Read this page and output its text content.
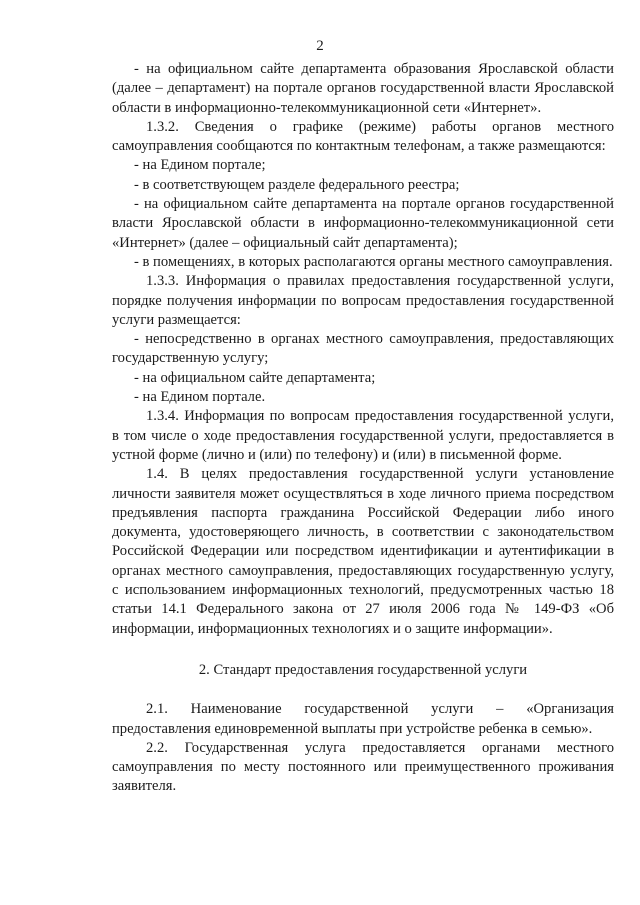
2

- на официальном сайте департамента образования Ярославской области (далее – департамент) на портале органов государственной власти Ярославской области в информационно-телекоммуникационной сети «Интернет».

1.3.2. Сведения о графике (режиме) работы органов местного самоуправления сообщаются по контактным телефонам, а также размещаются:

- на Едином портале;

- в соответствующем разделе федерального реестра;

- на официальном сайте департамента на портале органов государственной власти Ярославской области в информационно-телекоммуникационной сети «Интернет» (далее – официальный сайт департамента);

- в помещениях, в которых располагаются органы местного самоуправления.

1.3.3. Информация о правилах предоставления государственной услуги, порядке получения информации по вопросам предоставления государственной услуги размещается:

- непосредственно в органах местного самоуправления, предоставляющих государственную услугу;

- на официальном сайте департамента;

- на Едином портале.

1.3.4. Информация по вопросам предоставления государственной услуги, в том числе о ходе предоставления государственной услуги, предоставляется в устной форме (лично и (или) по телефону) и (или) в письменной форме.

1.4. В целях предоставления государственной услуги установление личности заявителя может осуществляться в ходе личного приема посредством предъявления паспорта гражданина Российской Федерации либо иного документа, удостоверяющего личность, в соответствии с законодательством Российской Федерации или посредством идентификации и аутентификации в органах местного самоуправления, предоставляющих государственную услугу, с использованием информационных технологий, предусмотренных частью 18 статьи 14.1 Федерального закона от 27 июля 2006 года № 149-ФЗ «Об информации, информационных технологиях и о защите информации».

2. Стандарт предоставления государственной услуги

2.1. Наименование государственной услуги – «Организация предоставления единовременной выплаты при устройстве ребенка в семью».

2.2. Государственная услуга предоставляется органами местного самоуправления по месту постоянного или преимущественного проживания заявителя.
